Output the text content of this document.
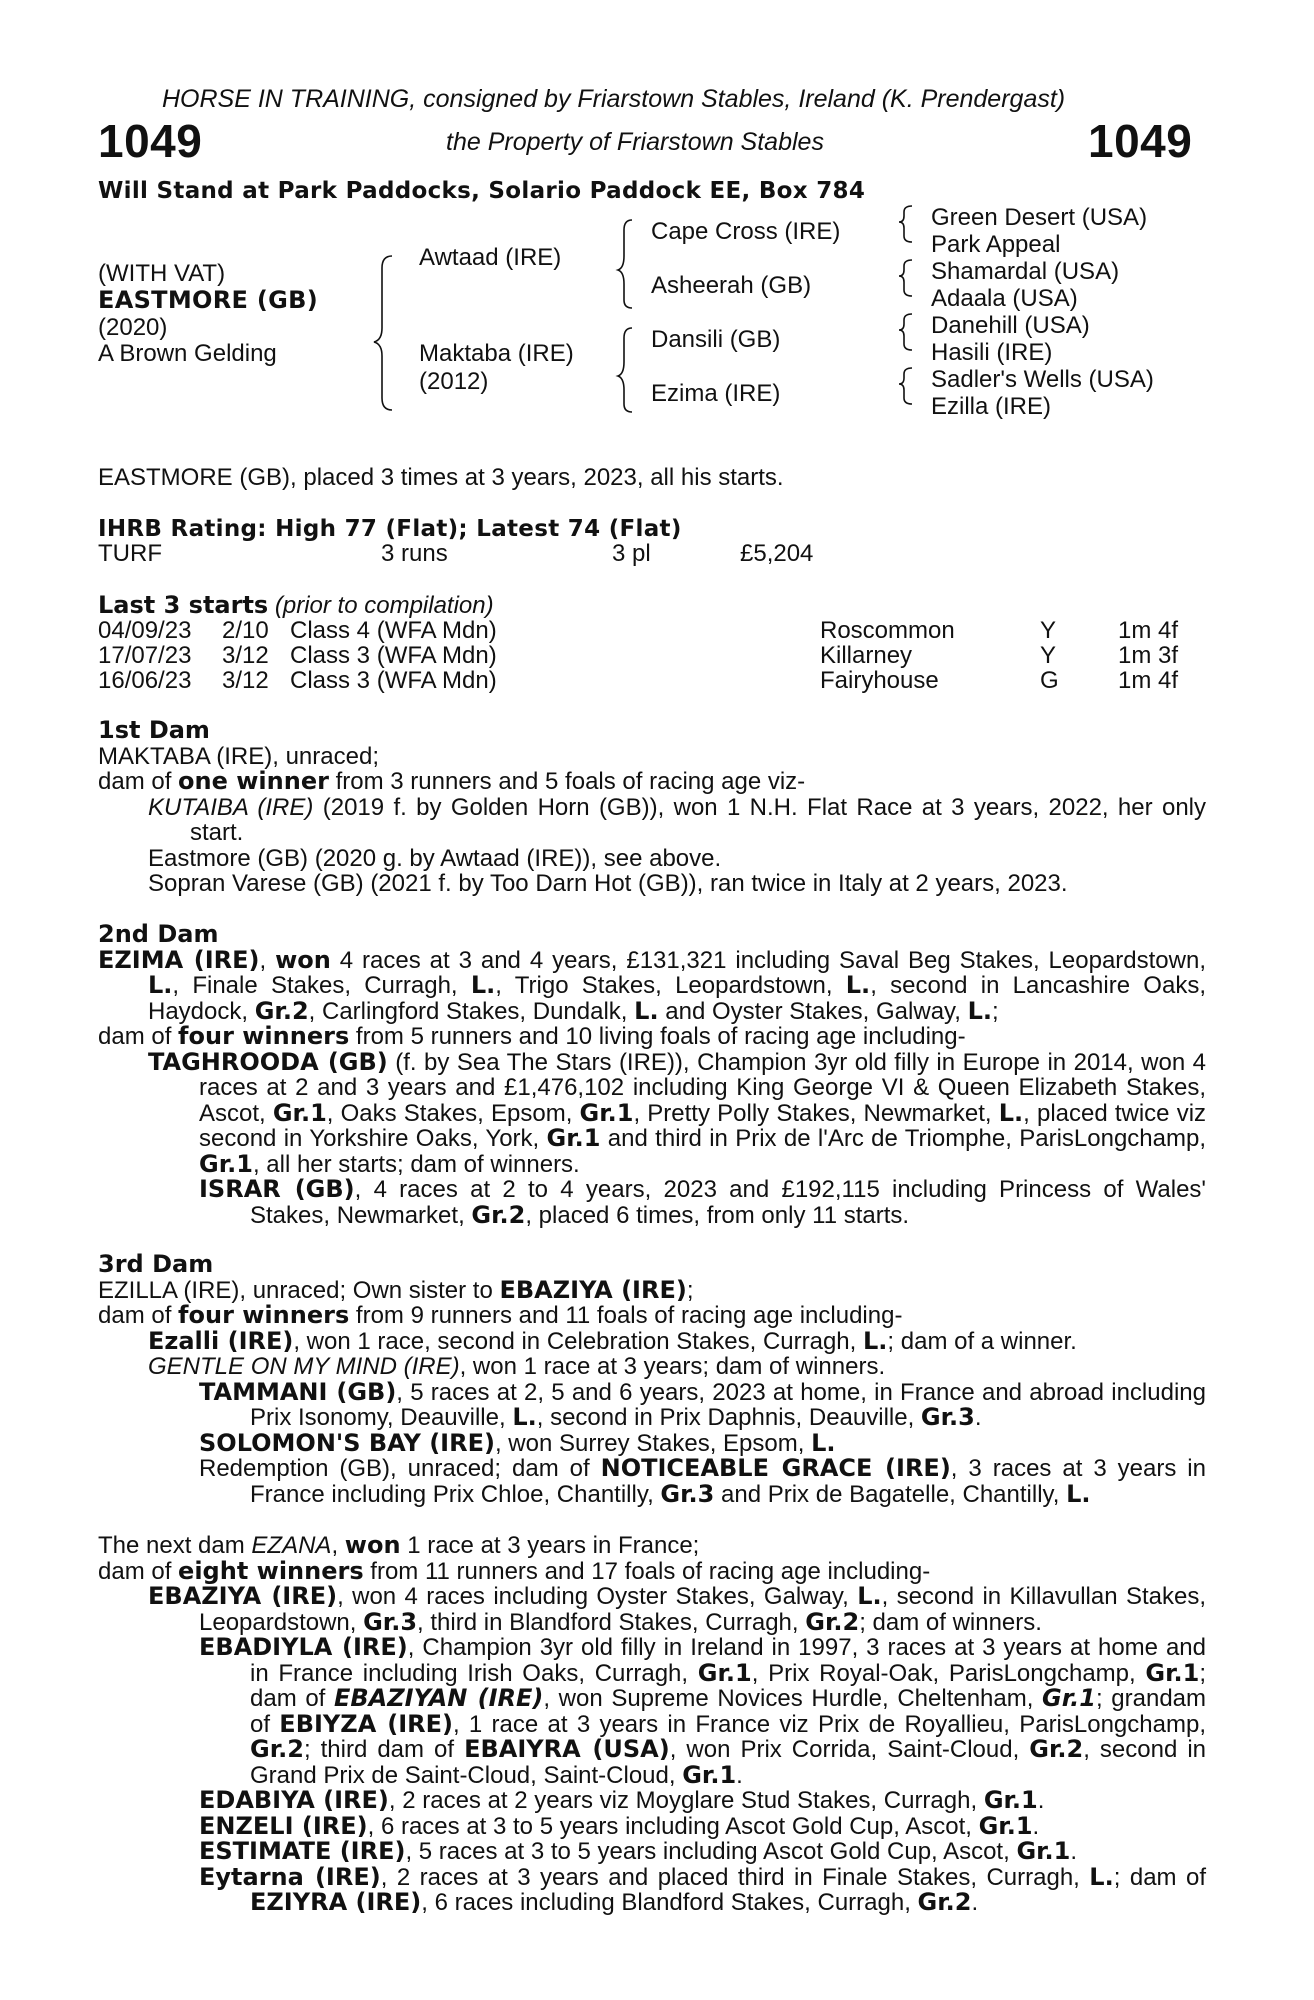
HORSE IN TRAINING, consigned by Friarstown Stables, Ireland (K. Prendergast)
1049	the Property of Friarstown Stables	1049
Will Stand at Park Paddocks, Solario Paddock EE, Box 784
(WITH VAT)
EASTMORE (GB)
(2020)
A Brown Gelding
Awtaad (IRE)
Maktaba (IRE)
(2012)
Cape Cross (IRE)
Asheerah (GB)
Dansili (GB)
Ezima (IRE)
Green Desert (USA)
Park Appeal
Shamardal (USA)
Adaala (USA)
Danehill (USA)
Hasili (IRE)
Sadler's Wells (USA)
Ezilla (IRE)
EASTMORE (GB), placed 3 times at 3 years, 2023, all his starts.
IHRB Rating: High 77 (Flat); Latest 74 (Flat)
TURF	3 runs	3 pl	£5,204
Last 3 starts (prior to compilation)
04/09/23 2/10 Class 4 (WFA Mdn)	Roscommon	Y	1m 4f
17/07/23 3/12 Class 3 (WFA Mdn)	Killarney	Y	1m 3f
16/06/23 3/12 Class 3 (WFA Mdn)	Fairyhouse	G 1m 4f

1st Dam

MAKTABA (IRE), unraced;

dam of one winner from 3 runners and 5 foals of racing age viz-

KUTAIBA (IRE) (2019 f. by Golden Horn (GB)), won 1 N.H. Flat Race at 3 years, 2022, her only start.

Eastmore (GB) (2020 g. by Awtaad (IRE)), see above.

Sopran Varese (GB) (2021 f. by Too Darn Hot (GB)), ran twice in Italy at 2 years, 2023.

2nd Dam

EZIMA (IRE), won 4 races at 3 and 4 years, £131,321 including Saval Beg Stakes, Leopardstown, L., Finale Stakes, Curragh, L., Trigo Stakes, Leopardstown, L., second in Lancashire Oaks, Haydock, Gr.2, Carlingford Stakes, Dundalk, L. and Oyster Stakes, Galway, L.;

dam of four winners from 5 runners and 10 living foals of racing age including-

TAGHROODA (GB) (f. by Sea The Stars (IRE)), Champion 3yr old filly in Europe in 2014, won 4 races at 2 and 3 years and £1,476,102 including King George VI & Queen Elizabeth Stakes, Ascot, Gr.1, Oaks Stakes, Epsom, Gr.1, Pretty Polly Stakes, Newmarket, L., placed twice viz second in Yorkshire Oaks, York, Gr.1 and third in Prix de l'Arc de Triomphe, ParisLongchamp, Gr.1, all her starts; dam of winners.

ISRAR (GB), 4 races at 2 to 4 years, 2023 and £192,115 including Princess of Wales' Stakes, Newmarket, Gr.2, placed 6 times, from only 11 starts.

3rd Dam

EZILLA (IRE), unraced; Own sister to EBAZIYA (IRE);

dam of four winners from 9 runners and 11 foals of racing age including-

Ezalli (IRE), won 1 race, second in Celebration Stakes, Curragh, L.; dam of a winner.

GENTLE ON MY MIND (IRE), won 1 race at 3 years; dam of winners.

TAMMANI (GB), 5 races at 2, 5 and 6 years, 2023 at home, in France and abroad including Prix Isonomy, Deauville, L., second in Prix Daphnis, Deauville, Gr.3.

SOLOMON'S BAY (IRE), won Surrey Stakes, Epsom, L.

Redemption (GB), unraced; dam of NOTICEABLE GRACE (IRE), 3 races at 3 years in France including Prix Chloe, Chantilly, Gr.3 and Prix de Bagatelle, Chantilly, L.

The next dam EZANA, won 1 race at 3 years in France;

dam of eight winners from 11 runners and 17 foals of racing age including-

EBAZIYA (IRE), won 4 races including Oyster Stakes, Galway, L., second in Killavullan Stakes, Leopardstown, Gr.3, third in Blandford Stakes, Curragh, Gr.2; dam of winners.

EBADIYLA (IRE), Champion 3yr old filly in Ireland in 1997, 3 races at 3 years at home and in France including Irish Oaks, Curragh, Gr.1, Prix Royal-Oak, ParisLongchamp, Gr.1; dam of EBAZIYAN (IRE), won Supreme Novices Hurdle, Cheltenham, Gr.1; grandam of EBIYZA (IRE), 1 race at 3 years in France viz Prix de Royallieu, ParisLongchamp, Gr.2; third dam of EBAIYRA (USA), won Prix Corrida, Saint-Cloud, Gr.2, second in Grand Prix de Saint-Cloud, Saint-Cloud, Gr.1.

EDABIYA (IRE), 2 races at 2 years viz Moyglare Stud Stakes, Curragh, Gr.1.

ENZELI (IRE), 6 races at 3 to 5 years including Ascot Gold Cup, Ascot, Gr.1.

ESTIMATE (IRE), 5 races at 3 to 5 years including Ascot Gold Cup, Ascot, Gr.1.

Eytarna (IRE), 2 races at 3 years and placed third in Finale Stakes, Curragh, L.; dam of EZIYRA (IRE), 6 races including Blandford Stakes, Curragh, Gr.2.
